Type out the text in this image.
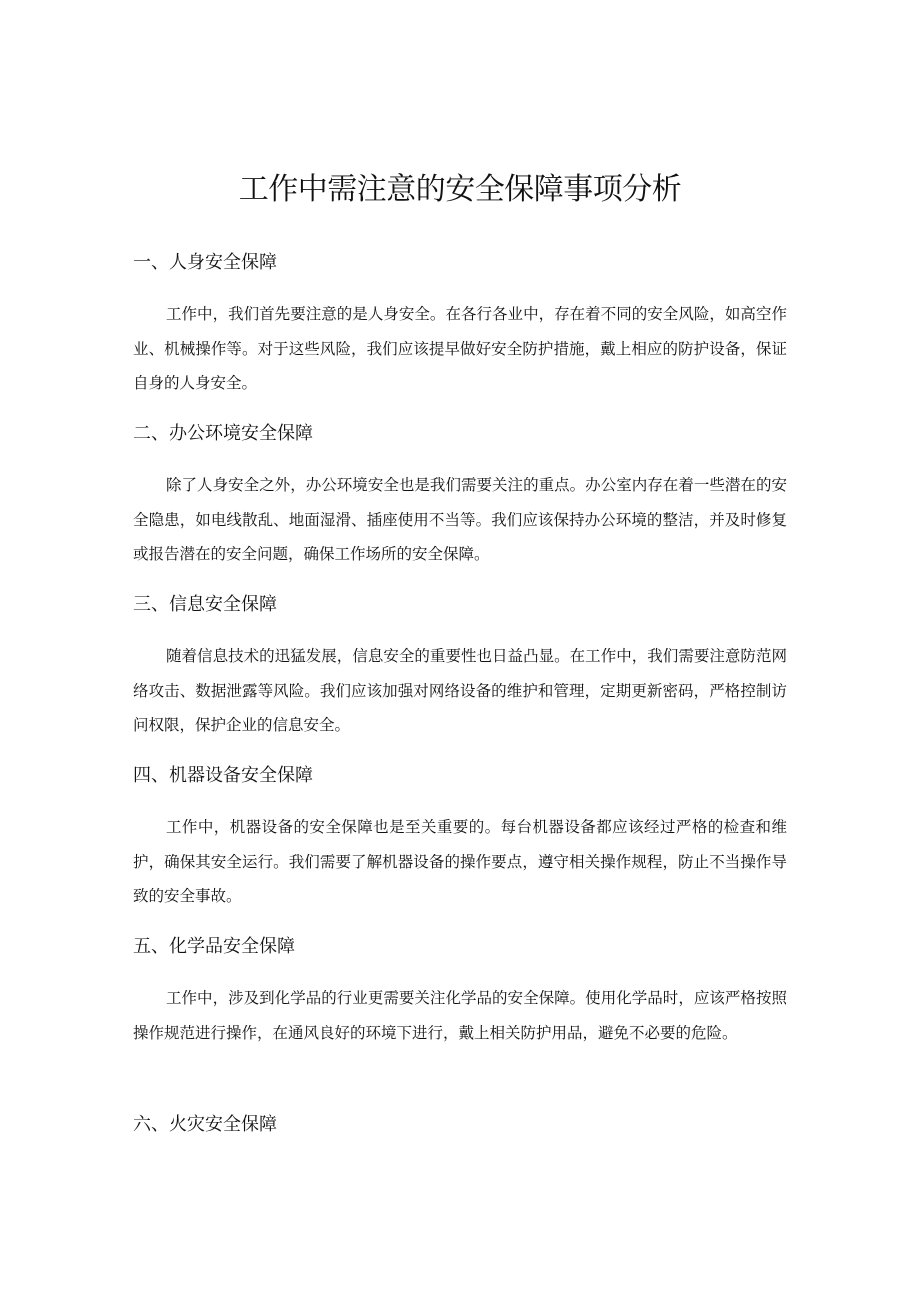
工作中需注意的安全保障事项分析
一、人身安全保障
工作中，我们首先要注意的是人身安全。在各行各业中，存在着不同的安全风险，如高空作业、机械操作等。对于这些风险，我们应该提早做好安全防护措施，戴上相应的防护设备，保证自身的人身安全。
二、办公环境安全保障
除了人身安全之外，办公环境安全也是我们需要关注的重点。办公室内存在着一些潜在的安全隐患，如电线散乱、地面湿滑、插座使用不当等。我们应该保持办公环境的整洁，并及时修复或报告潜在的安全问题，确保工作场所的安全保障。
三、信息安全保障
随着信息技术的迅猛发展，信息安全的重要性也日益凸显。在工作中，我们需要注意防范网络攻击、数据泄露等风险。我们应该加强对网络设备的维护和管理，定期更新密码，严格控制访问权限，保护企业的信息安全。
四、机器设备安全保障
工作中，机器设备的安全保障也是至关重要的。每台机器设备都应该经过严格的检查和维护，确保其安全运行。我们需要了解机器设备的操作要点，遵守相关操作规程，防止不当操作导致的安全事故。
五、化学品安全保障
工作中，涉及到化学品的行业更需要关注化学品的安全保障。使用化学品时，应该严格按照操作规范进行操作，在通风良好的环境下进行，戴上相关防护用品，避免不必要的危险。
六、火灾安全保障
